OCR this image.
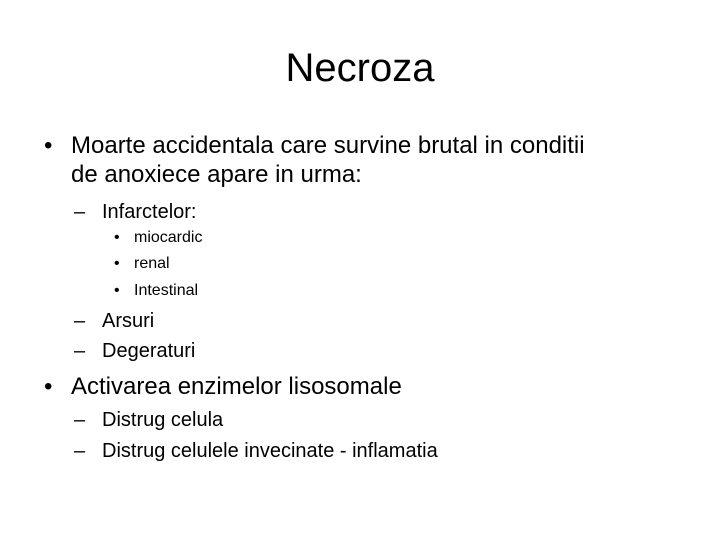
Necroza
• Moarte accidentala care survine brutal in conditii
de anoxiece apare in urma:
– Infarctelor:
• miocardic
• renal
• Intestinal
– Arsuri
– Degeraturi
• Activarea enzimelor lisosomale
– Distrug celula
– Distrug celulele invecinate - inflamatia
